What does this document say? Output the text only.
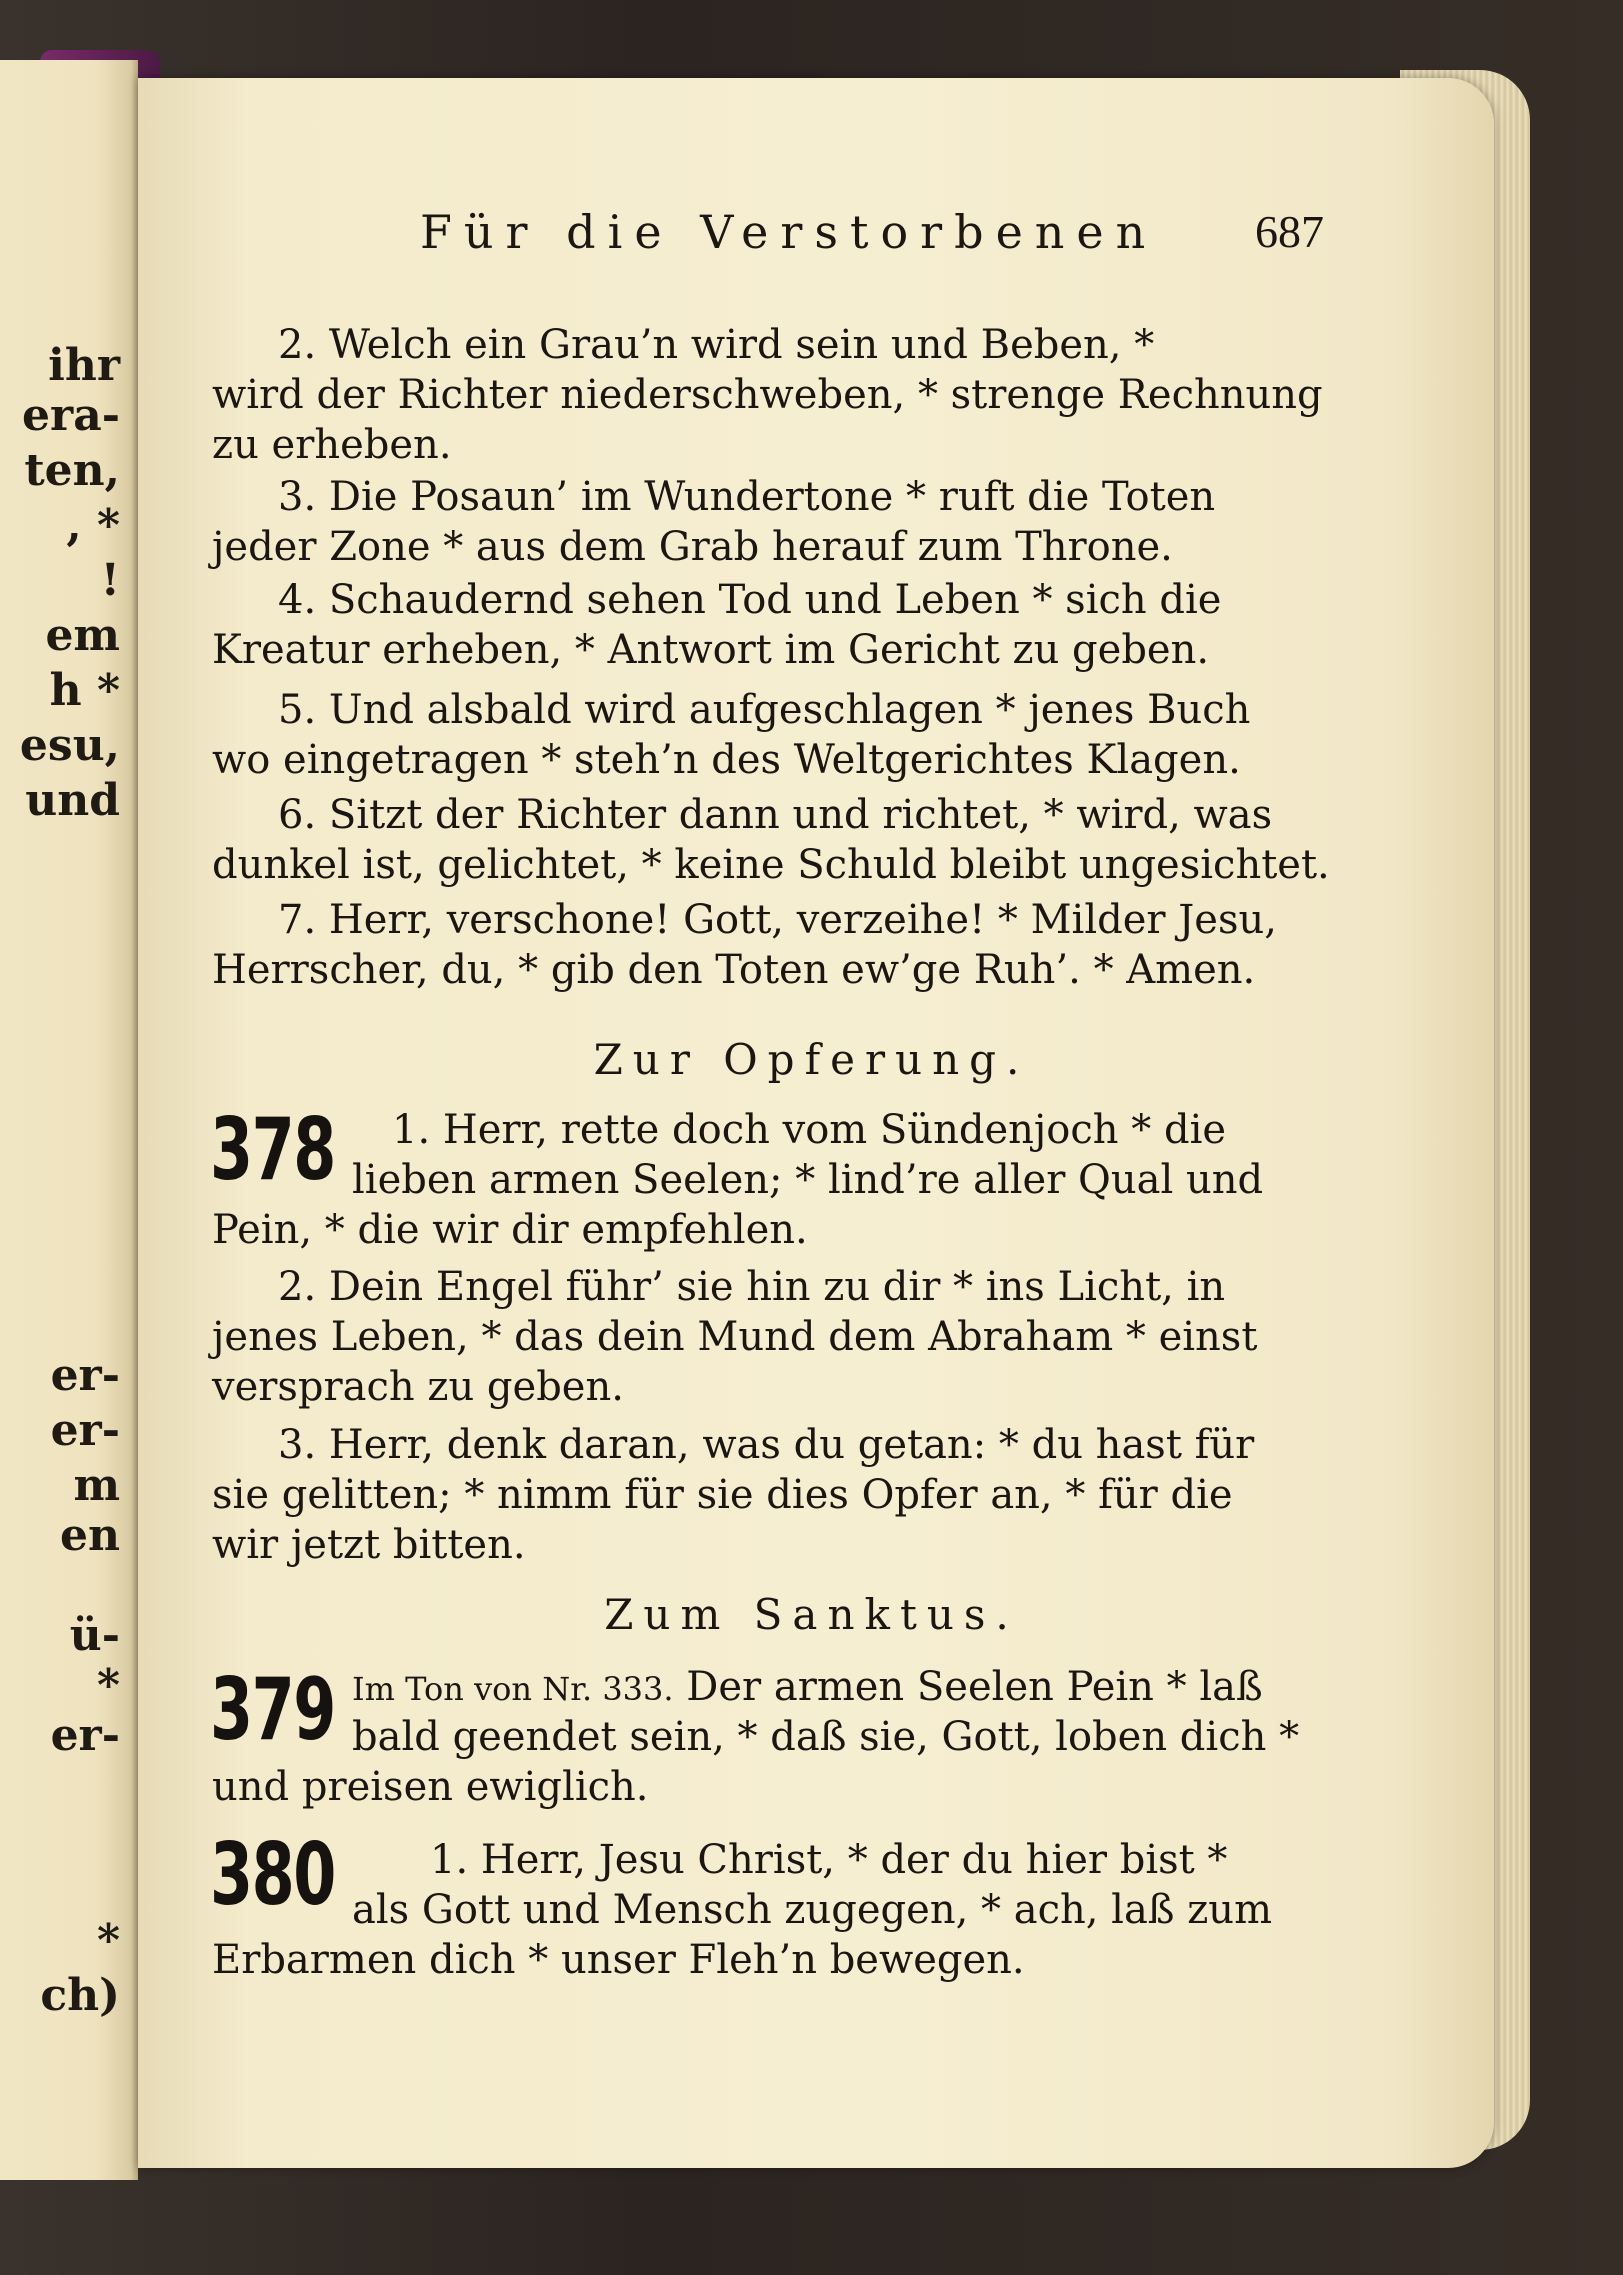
ihr
era-
ten,
, *
!
em
h *
esu,
und
er-
er-
m
en
ü-
*
er-
*
ch)
Für die Verstorbenen 687
2. Welch ein Grau’n wird sein und Beben, *
wird der Richter niederschweben, * strenge Rechnung
zu erheben.
3. Die Posaun’ im Wundertone * ruft die Toten
jeder Zone * aus dem Grab herauf zum Throne.
4. Schaudernd sehen Tod und Leben * sich die
Kreatur erheben, * Antwort im Gericht zu geben.
5. Und alsbald wird aufgeschlagen * jenes Buch
wo eingetragen * steh’n des Weltgerichtes Klagen.
6. Sitzt der Richter dann und richtet, * wird, was
dunkel ist, gelichtet, * keine Schuld bleibt ungesichtet.
7. Herr, verschone! Gott, verzeihe! * Milder Jesu,
Herrscher, du, * gib den Toten ew’ge Ruh’. * Amen.
Zur Opferung.
378 1. Herr, rette doch vom Sündenjoch * die
lieben armen Seelen; * lind’re aller Qual und
Pein, * die wir dir empfehlen.
2. Dein Engel führ’ sie hin zu dir * ins Licht, in
jenes Leben, * das dein Mund dem Abraham * einst
versprach zu geben.
3. Herr, denk daran, was du getan: * du hast für
sie gelitten; * nimm für sie dies Opfer an, * für die
wir jetzt bitten.
Zum Sanktus.
379 Im Ton von Nr. 333. Der armen Seelen Pein * laß
bald geendet sein, * daß sie, Gott, loben dich *
und preisen ewiglich.
380 1. Herr, Jesu Christ, * der du hier bist *
als Gott und Mensch zugegen, * ach, laß zum
Erbarmen dich * unser Fleh’n bewegen.
